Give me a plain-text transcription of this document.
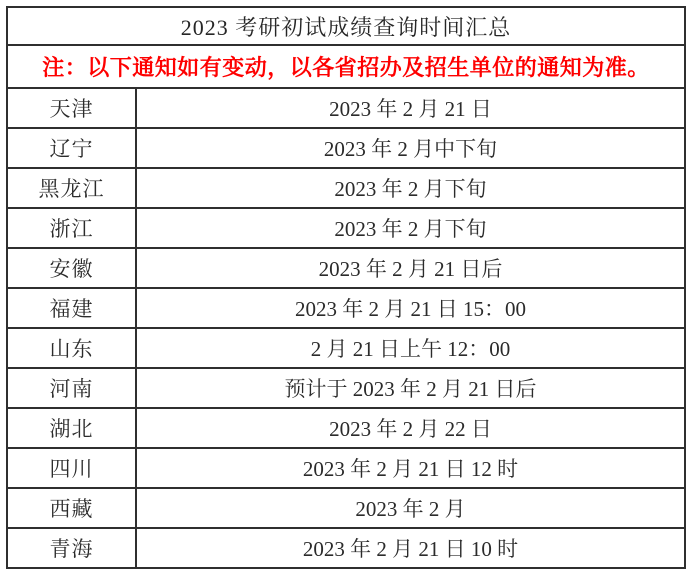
2023 考研初试成绩查询时间汇总	
注：以下通知如有变动，以各省招办及招生单位的通知为准。	
天津	2023 年 2 月 21 日
辽宁	2023 年 2 月中下旬
黑龙江	2023 年 2 月下旬
浙江	2023 年 2 月下旬
安徽	2023 年 2 月 21 日后
福建	2023 年 2 月 21 日 15：00
山东	2 月 21 日上午 12：00
河南	预计于 2023 年 2 月 21 日后
湖北	2023 年 2 月 22 日
四川	2023 年 2 月 21 日 12 时
西藏	2023 年 2 月
青海	2023 年 2 月 21 日 10 时
